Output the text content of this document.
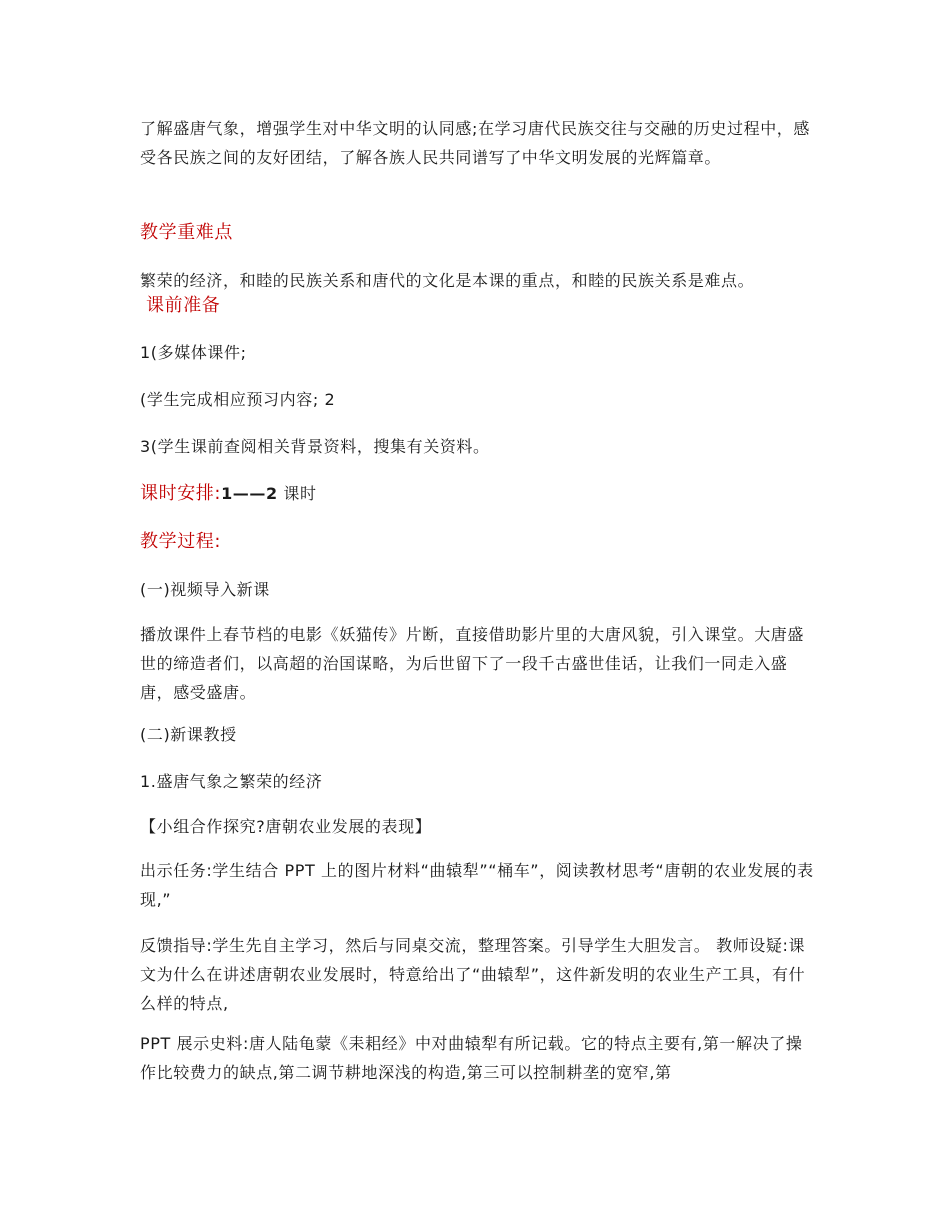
了解盛唐气象，增强学生对中华文明的认同感;在学习唐代民族交往与交融的历史过程中，感受各民族之间的友好团结，了解各族人民共同谱写了中华文明发展的光辉篇章。

教学重难点

繁荣的经济，和睦的民族关系和唐代的文化是本课的重点，和睦的民族关系是难点。

课前准备

1(多媒体课件;

(学生完成相应预习内容; 2

3(学生课前查阅相关背景资料，搜集有关资料。

课时安排:1——2 课时

教学过程:

(一)视频导入新课

播放课件上春节档的电影《妖猫传》片断，直接借助影片里的大唐风貌，引入课堂。大唐盛世的缔造者们，以高超的治国谋略，为后世留下了一段千古盛世佳话，让我们一同走入盛唐，感受盛唐。

(二)新课教授

1.盛唐气象之繁荣的经济

【小组合作探究?唐朝农业发展的表现】

出示任务:学生结合 PPT 上的图片材料“曲辕犁”“桶车”，阅读教材思考“唐朝的农业发展的表现,”

反馈指导:学生先自主学习，然后与同桌交流，整理答案。引导学生大胆发言。 教师设疑:课文为什么在讲述唐朝农业发展时，特意给出了“曲辕犁”，这件新发明的农业生产工具，有什么样的特点,

PPT 展示史料:唐人陆龟蒙《耒耜经》中对曲辕犁有所记载。它的特点主要有,第一解决了操作比较费力的缺点,第二调节耕地深浅的构造,第三可以控制耕垄的宽窄,第
